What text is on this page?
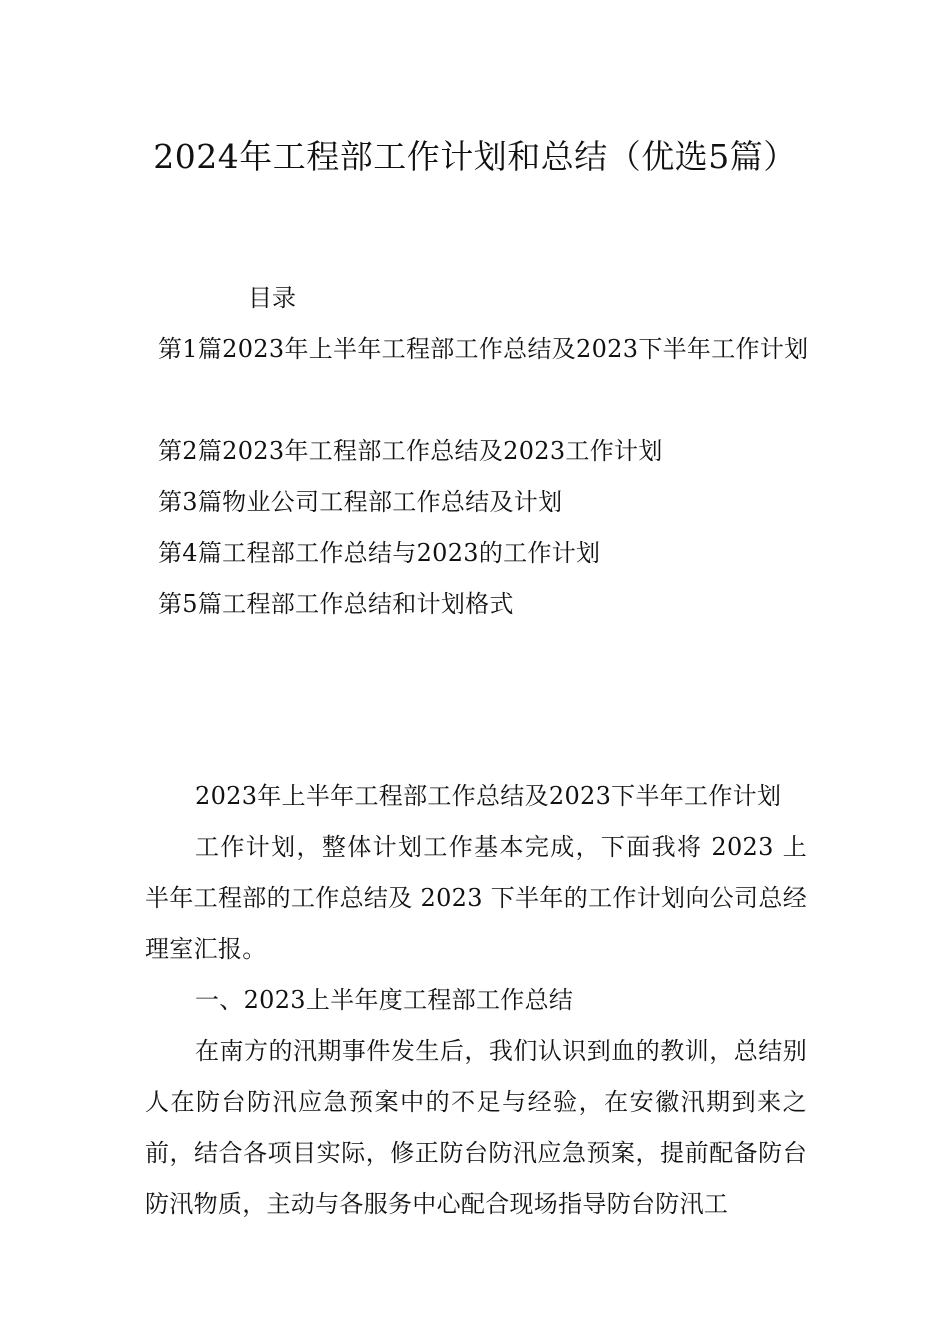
2024年工程部工作计划和总结（优选5篇）

目录

第1篇2023年上半年工程部工作总结及2023下半年工作计划

第2篇2023年工程部工作总结及2023工作计划

第3篇物业公司工程部工作总结及计划

第4篇工程部工作总结与2023的工作计划

第5篇工程部工作总结和计划格式

2023年上半年工程部工作总结及2023下半年工作计划

工作计划，整体计划工作基本完成，下面我将 2023 上半年工程部的工作总结及 2023 下半年的工作计划向公司总经理室汇报。

一、2023上半年度工程部工作总结

在南方的汛期事件发生后，我们认识到血的教训，总结别人在防台防汛应急预案中的不足与经验，在安徽汛期到来之前，结合各项目实际，修正防台防汛应急预案，提前配备防台防汛物质，主动与各服务中心配合现场指导防台防汛工
